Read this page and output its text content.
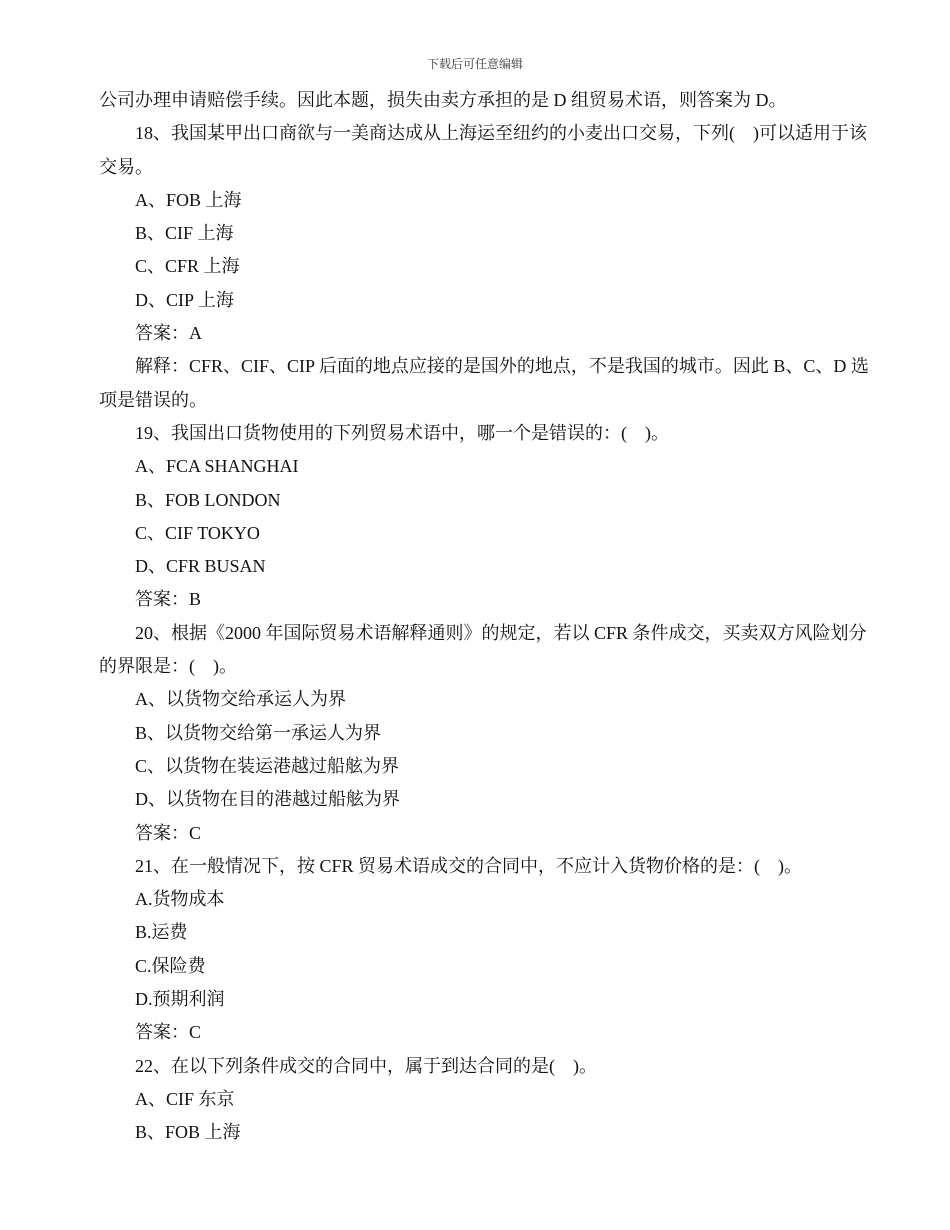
下载后可任意编辑
公司办理申请赔偿手续。因此本题，损失由卖方承担的是 D 组贸易术语，则答案为 D。
18、我国某甲出口商欲与一美商达成从上海运至纽约的小麦出口交易，下列(    )可以适用于该交易。
A、FOB 上海
B、CIF 上海
C、CFR 上海
D、CIP 上海
答案：A
解释：CFR、CIF、CIP 后面的地点应接的是国外的地点，不是我国的城市。因此 B、C、D 选项是错误的。
19、我国出口货物使用的下列贸易术语中，哪一个是错误的：(    )。
A、FCA SHANGHAI
B、FOB LONDON
C、CIF TOKYO
D、CFR BUSAN
答案：B
20、根据《2000 年国际贸易术语解释通则》的规定，若以 CFR 条件成交，买卖双方风险划分的界限是：(    )。
A、以货物交给承运人为界
B、以货物交给第一承运人为界
C、以货物在装运港越过船舷为界
D、以货物在目的港越过船舷为界
答案：C
21、在一般情况下，按 CFR 贸易术语成交的合同中，不应计入货物价格的是：(    )。
A.货物成本
B.运费
C.保险费
D.预期利润
答案：C
22、在以下列条件成交的合同中，属于到达合同的是(    )。
A、CIF 东京
B、FOB 上海
